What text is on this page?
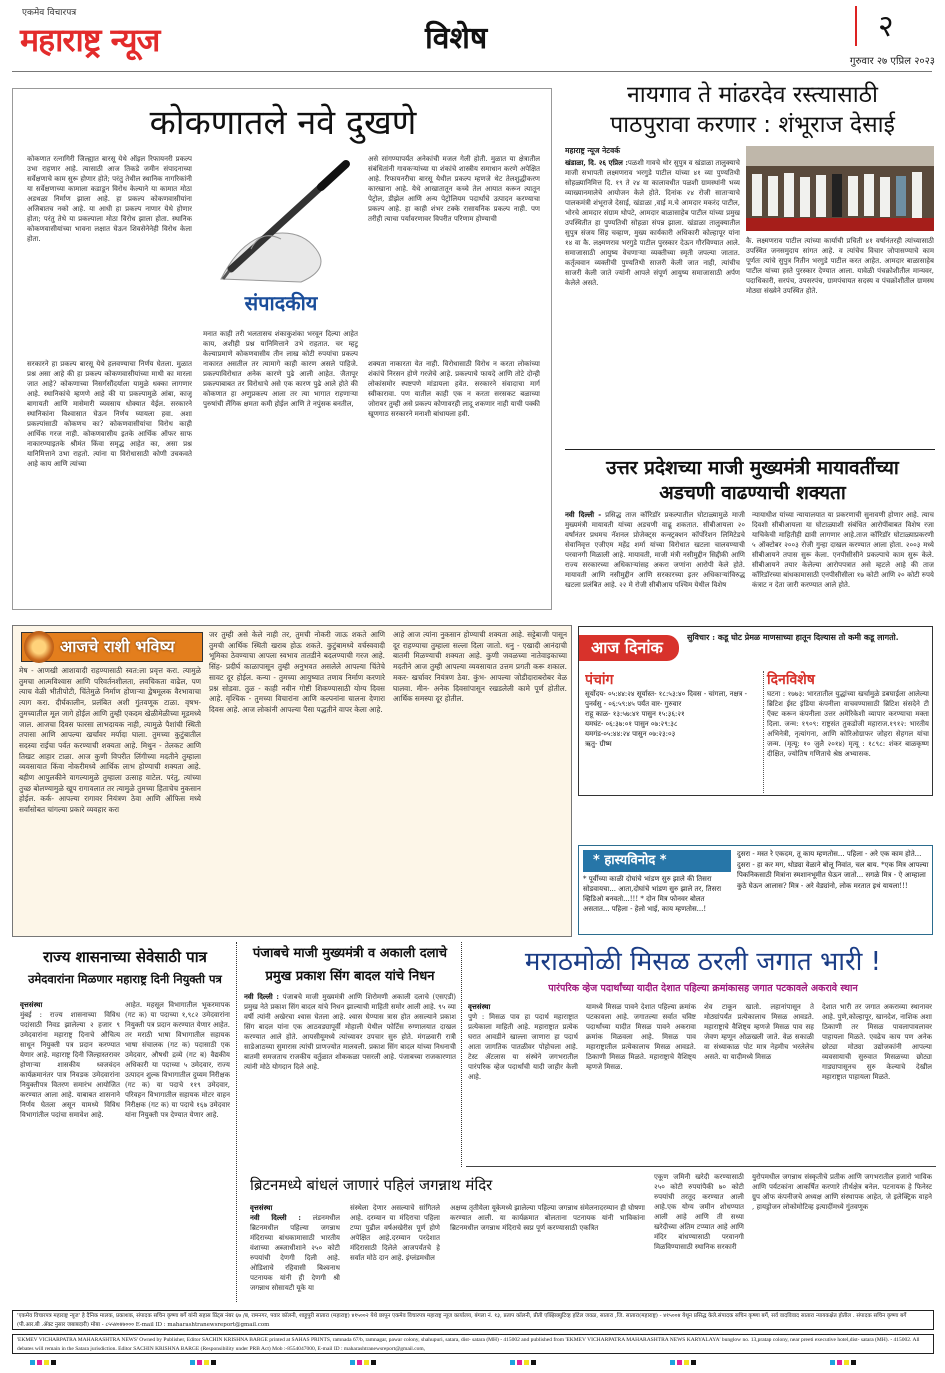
एकमेव विचारपत्र
महाराष्ट्र न्यूज	विशेष	२
गुरुवार २७ एप्रिल २०२३
कोकणातले नवे दुखणे
कोकणात रत्नागिरी जिल्ह्यात बारसू येथे ऑइल रिफायनरी प्रकल्प उभा राहणार आहे. त्यासाठी आज तिकडे जमीन संपादनाच्या सर्वेक्षणाचे काम सुरू होणार होते; परंतु तेथील स्थानिक नागरिकांनी या सर्वेक्षणाच्या कामाला कडाडून विरोध केल्याने या कामात मोठा अडथळा निर्माण झाला आहे. हा प्रकल्प कोकणवासीयांना अजिबातच नको आहे. या आधी हा प्रकल्प नाणार येथे होणार होता; परंतु तेथे या प्रकल्पाला मोठा विरोध झाला होता. स्थानिक कोकणवासीयांच्या भावना लक्षात घेऊन शिवसेनेनेही विरोध केला होता.
संपादकीय
असे सांगण्यापर्यंत अनेकांची मजल गेली होती. मुळात या क्षेत्रातील संबंधितांनी गावकऱ्यांच्या या शंकांचे शास्त्रीय समाधान करणे अपेक्षित आहे. रिफायनरीचा बारसू येथील प्रकल्प म्हणजे थेट तेलशुद्धीकरण कारखाना आहे. येथे आखातातून कच्चे तेल आयात करून त्यातून पेट्रोल, डीझेल आणि अन्य पेट्रोलियम पदार्थांचे उत्पादन करण्याचा प्रकल्प आहे. हा काही शंभर टक्के रासायनिक प्रकल्प नाही. पण तरीही त्याचा पर्यावरणावर विपरीत परिणाम होण्याची
सरकारने हा प्रकल्प बारसू येथे हलवण्याचा निर्णय घेतला. मुळात प्रश्न असा आहे की हा प्रकल्प कोकणवासीयांच्या माथी का मारला जात आहे? कोकणाच्या निसर्गसौंदर्याला यामुळे धक्का लागणार आहे. स्थानिकांचे म्हणणे आहे की या प्रकल्पामुळे आंबा, काजू बागायती आणि मासेमारी व्यवसाय धोक्यात येईल. सरकारने स्थानिकांना विश्वासात घेऊन निर्णय घ्यायला हवा. अशा प्रकल्पांसाठी कोकणच का? कोकणवासीयांचा विरोध काही आर्थिक गरज नाही. कोकणवासीय इतके आर्थिक ऑफर साफ नाकारण्याइतके श्रीमंत किंवा समृद्ध आहेत का, असा प्रश्न यानिमित्ताने उभा राहतो. त्यांना या विरोधासाठी कोणी उचकवते आहे काय आणि त्यांच्या
मनात काही तरी भलतासच शंकाकुशंका भरवून दिल्या आहेत काय, अशीही प्रश्न यानिमित्ताने उभे राहतात. चर म्हटू केल्याप्रमाणे कोकणवासीय तीन लाख कोटी रुपयांचा प्रकल्प नाकारत असतील तर त्यामागे काही कारण असले पाहिजे. प्रकल्पाविरोधात अनेक कारणे पुढे आली आहेत. जैतापूर प्रकल्पाबाबत तर विरोधाचे असे एक कारण पुढे आले होते की कोकणात हा अणुप्रकल्प आला तर त्या भागात राहणाऱ्या पुरुषांची लैंगिक क्षमता कमी होईल आणि ते नपुंसक बनतील,
शक्यता नाकारता येत नाही. विरोधासाठी विरोध न करता लोकांच्या शंकांचे निरसन होणे गरजेचे आहे. प्रकल्पाचे फायदे आणि तोटे दोन्ही लोकांसमोर स्पष्टपणे मांडायला हवेत. सरकारने संवादाचा मार्ग स्वीकारावा. पण यातील काही एक न करता सरसकट बळाच्या जोरावर तुम्ही असे प्रकल्प कोणावरही लादू शकणार नाही याची पक्की खूणगाठ सरकारने मनाशी बांधायला हवी.
नायगाव ते मांढरदेव रस्त्यासाठी
पाठपुरावा करणार : शंभूराज देसाई
महाराष्ट्र न्यूज नेटवर्क
खंडाळा, दि. २६ एप्रिल :पळशी गावचे थोर सुपुत्र व खंडाळा तालुक्याचे माजी सभापती लक्ष्मणराव भरगुडे पाटील यांच्या ४१ व्या पुण्यतिथी सोहळ्यानिमित्त दि. १९ ते २४ या कालावधीत पळशी ग्रामस्थांनी भव्य व्याख्यानमालेचे आयोजन केले होते. दिनांक २४ रोजी साताऱ्याचे पालकमंत्री शंभूराजे देसाई, खंडाळा ,वाई म.चे आमदार मकरंद पाटील, भोरचे आमदार संग्राम थोपटे, आमदार बाळासाहेब पाटील यांच्या प्रमुख उपस्थितीत हा पुण्यतिथी सोहळा संपन्न झाला. खंडाळा तालुक्यातील सुपुत्र संजय सिंह चव्हाण, मुख्य कार्यकारी अधिकारी कोल्हापूर यांना १४ वा कै. लक्ष्मणराव भरगुडे पाटील पुरस्कार देऊन गौरविण्यात आले. समाजासाठी आयुष्य वेचणाऱ्या व्यक्तीच्या स्मृती जपल्या जातात. कर्तृत्ववान व्यक्तीची पुण्यतिथी साजरी केली जात नाही, त्यांचीच साजरी केली जाते ज्यांनी आपले संपूर्ण आयुष्य समाजासाठी अर्पण केलेले असते.
कै. लक्ष्मणराव पाटील त्यांच्या कार्याची प्रचिती ४१ वर्षानंतरही त्यांच्यासाठी उपस्थित जनसमुदाय सांगत आहे. व त्यांचेच विचार जोपासण्याचे काम पूर्णतः त्यांचे सुपुत्र नितीन भरगुडे पाटील करत आहेत. आमदार बाळासाहेब पाटील यांच्या हस्ते पुरस्कार देण्यात आला. यावेळी पंचक्रोशीतील मान्यवर, पदाधिकारी, सरपंच, उपसरपंच, ग्रामपंचायत सदस्य व पंचक्रोशीतील ग्रामस्थ मोठ्या संख्येने उपस्थित होते.
उत्तर प्रदेशच्या माजी मुख्यमंत्री मायावतींच्या
अडचणी वाढण्याची शक्यता
नवी दिल्ली - प्रसिद्ध ताज कॉरिडॉर प्रकल्पातील घोटाळ्यामुळे माजी मुख्यमंत्री मायावती यांच्या अडचणी वाढू शकतात. सीबीआयला २० वर्षांनंतर प्रथमच नॅशनल प्रोजेक्ट्स कन्स्ट्रक्शन कॉर्पोरेशन लिमिटेडचे सेवानिवृत्त एजीएम महेंद्र शर्मा यांच्या विरोधात खटला चालवण्याची परवानगी मिळाली आहे. मायावती, माजी मंत्री नसीमुद्दीन सिद्दीकी आणि राज्य सरकारच्या अधिकाऱ्यांसह अकरा जणांना आरोपी केले होते. मायावती आणि नसीमुद्दीन आणि सरकारच्या इतर अधिकाऱ्यांविरुद्ध खटला प्रलंबित आहे. २२ मे रोजी सीबीआय पश्चिम येथील विशेष
न्यायाधीश यांच्या न्यायालयात या प्रकरणाची सुनावणी होणार आहे. त्याच दिवशी सीबीआयला या घोटाळ्याशी संबंधित आरोपींबाबत विशेष रजा याचिकेची माहितीही द्यावी लागणार आहे.ताज कॉरिडॉर घोटाळ्याप्रकरणी ५ ऑक्टोबर २००३ रोजी गुन्हा दाखल करण्यात आला होता. २००३ मध्ये सीबीआयने तपास सुरू केला. एनपीसीसीने प्रकल्पाचे काम सुरू केले. सीबीआयने तयार केलेल्या आरोपपत्रात असे म्हटले आहे की ताज कॉरिडॉरच्या बांधकामासाठी एनपीसीसीला १७ कोटी आणि २० कोटी रुपये कंत्राट न देता जारी करण्यात आले होते.
आजचे राशी भविष्य
मेष - आणखी आशावादी राहण्यासाठी स्वत:ला प्रवृत्त करा. त्यामुळे तुमचा आत्मविश्वास आणि परिवर्तनशीलता, लवचिकता वाढेल, पण त्याच वेळी भीतीपोटी, चिंतेमुळे निर्माण होणाऱ्या द्वेषमूलक वैरभावाचा त्याग करा. दीर्घकालीन, प्रलंबित अशी गुंतवणूक टाळा. वृषभ- तुमच्यातील मूल जागे होईल आणि तुम्ही एकदम खेळीमेळीच्या मूडमध्ये जाल. आजचा दिवस फारसा लाभदायक नाही, त्यामुळे पैशांची स्थिती तपासा आणि आपल्या खर्चांवर मर्यादा घाला. तुमच्या कुटुंबातील सदस्या राईचा पर्वत करण्याची शक्यता आहे. मिथुन - तेलकट आणि तिखट आहार टाळा. आज कुणी विपरीत लिंगीच्या मदतीने तुम्हाला व्यवसायात किंवा नोकरीमध्ये आर्थिक लाभ होण्याची शक्यता आहे. बहीण आपुलकीने वागल्यामुळे तुम्हाला उत्साह वाटेल. परंतु, त्यांच्या तुच्छ बोलण्यामुळे खूप रागावलात तर त्यामुळे तुमच्या हिताचेच नुकसान होईल. कर्क- आपल्या रागावर नियंत्रण ठेवा आणि ऑफिस मध्ये सर्वांसोबत चांगल्या प्रकारे व्यवहार करा
जर तुम्ही असे केले नाही तर, तुमची नोकरी जाऊ शकते आणि तुमची आर्थिक स्थिती खराब होऊ शकते. कुटुंबामध्ये वर्चस्ववादी भूमिका ठेवण्याचा आपला स्वभाव तातडीने बदलण्याची गरज आहे. सिंह- प्रदीर्घ काळापासून तुम्ही अनुभवत असलेले आपल्या चिंतेचे सावट दूर होईल. कन्या - तुमच्या आयुष्यात तणाव निर्माण करणारे प्रश्न सोडवा. तुळ - काही नवीन गोष्टी शिकण्यासाठी योग्य दिवस आहे. वृश्चिक - तुमच्या विचारांना आणि कल्पनांना चालना देणारा दिवस आहे. आज लोकांनी आपल्या पैसा पद्धतीने वापर केला आहे.
आहे आज त्यांना नुकसान होण्याची शक्यता आहे. सट्टेबाजी पासून दूर राहण्याचा तुम्हाला सल्ला दिला जातो. धनु - एखादी आनंदाची बातमी मिळण्याची शक्यता आहे. कुणी जवळच्या नातेवाइकाच्या मदतीने आज तुम्ही आपल्या व्यवसायात उत्तम प्रगती करू शकाल. मकर- खर्चावर नियंत्रण ठेवा. कुंभ- आपल्या जोडीदाराबरोबर वेळ घालवा. मीन- अनेक दिवसांपासून रखडलेली कामे पूर्ण होतील. आर्थिक समस्या दूर होतील.
आज दिनांक
सुविचार : कडू घोट प्रेमळ माणसाच्या हातून दिल्यास तो कमी कडू लागतो.
पंचांग
सूर्योदय- ०५:४४:२४ सूर्यास्त- १८:५३:४० दिवस - चांगला, नक्षत्र - पुनर्वसु - ०६:५९:४५ पर्यंत वार- गुरुवार
राहू काळ- १३:५७:४१ पासुन १५:३६:२१
यमघंट- ०६:३७:०१ पासुन ०७:२९:३८
यमगंड-०५:४४:२४ पासुन ०७:२३:०३
ऋतु- ग्रीष्म
दिनविशेष
घटना : १७७३: भारतातील युद्धांच्या खर्चामुळे डबघाईला आलेल्या ब्रिटिश ईस्ट इंडिया कंपनीला वाचवण्यासाठी ब्रिटिश संसदेने टी ऍक्ट करून कंपनीला उत्तर अमेरिकेशी व्यापार करण्याचा मक्ता दिला. जन्म: १९०९: राष्ट्रसंत तुकडोजी महाराज.१९१२: भारतीय अभिनेत्री, नृत्यांगना, आणि कोरिओग्राफर जोहरा सेहगल यांचा जन्म. (मृत्यू: १० जुलै २०१४) मृत्यू : १८९८: शंकर बाळकृष्ण दीक्षित, ज्योतिष गणिताचे श्रेष्ठ अभ्यासक.
* हास्यविनोद *
* पूर्वीच्या काळी दोघांचे भांडण सुरु झाले की तिसरा सोडवायचा... आता,दोघांचे भांडण सुरु झाले तर, तिसरा व्हिडिओ बनवतो...!!! * दोन मित्र फोनवर बोलत असतात... पहिला - हेलो भाई, काय म्हणतोस...!
दुसरा - मस्त रे एकदम, तू काय म्हणतोस... पहिला - अरे एक काम होते... दुसरा - हा कर मग, थोड्या वेळाने बोलू निवांत, चल बाय. *एक मित्र आपल्या पिकनिकसाठी मित्रांना स्मशानभूमीत घेऊन जातो... सगळे मित्र - ऐ आम्हाला कुठे घेऊन आलास? मित्र - अरे वेड्यांनो, लोक मरतात इथं यायला!!!
राज्य शासनाच्या सेवेसाठी पात्र
उमेदवारांना मिळणार महाराष्ट्र दिनी नियुक्ती पत्र
वृत्तसंस्था
मुंबई : राज्य शासनाच्या विविध पदांसाठी निवड झालेल्या २ हजार ९ उमेदवारांना महाराष्ट्र दिनाचे औचित्य साधून नियुक्ती पत्र प्रदान करण्यात येणार आहे. महाराष्ट्र दिनी जिल्हास्तरावर होणाऱ्या शासकीय ध्वजवंदन कार्यक्रमानंतर पात्र निवडक उमेदवारांना नियुक्तीपत्र वितरण समारंभ आयोजित करण्यात आला आहे. याबाबत शासनाने निर्णय घेतला असून यामध्ये विविध विभागांतील पदांचा समावेश आहे.
आहेत. महसूल विभागातील भूकरमापक (गट क) या पदाच्या १,९८२ उमेदवारांना नियुक्ती पत्र प्रदान करण्यात येणार आहेत. तर मराठी भाषा विभागातील सहायक भाषा संचालक (गट क) पदासाठी एक उमेदवार, औषधी द्रव्ये (गट ब) वैद्यकीय अधिकारी या पदाच्या ५ उमेदवार, राज्य उत्पादन शुल्क विभागातील दुय्यम निरीक्षक (गट क) या पदाचे ११९ उमेदवार, परिवहन विभागातील सहायक मोटर वाहन निरीक्षक (गट क) या पदाचे १६७ उमेदवार यांना नियुक्ती पत्र देण्यात येणार आहे.
पंजाबचे माजी मुख्यमंत्री व अकाली दलाचे
प्रमुख प्रकाश सिंग बादल यांचे निधन
नवी दिल्ली : पंजाबचे माजी मुख्यमंत्री आणि शिरोमणी अकाली दलाचे (एसएडी) प्रमुख नेते प्रकाश सिंग बादल यांचे निधन झाल्याची माहिती समोर आली आहे. ९५ व्या वर्षी त्यांनी अखेरचा श्वास घेतला आहे. श्वास घेण्यास त्रास होत असल्याने प्रकाश सिंग बादल यांना एक आठवड्यापूर्वी मोहाली येथील फोर्टिस रुग्णालयात दाखल करण्यात आले होते. आयसीयूमध्ये त्यांच्यावर उपचार सुरु होते. मंगळवारी रात्री साडेआठच्या सुमारास त्यांची प्राणज्योत मालवली. प्रकाश सिंग बादल यांच्या निधनाची बातमी समजताच राजकीय वर्तुळात शोककळा पसरली आहे. पंजाबच्या राजकारणात त्यांनी मोठे योगदान दिले आहे.
मराठमोळी मिसळ ठरली जगात भारी !
पारंपरिक व्हेज पदार्थांच्या यादीत देशात पहिल्या क्रमांकासह जगात पटकावले अकरावे स्थान
वृत्तसंस्था
पुणे : मिसळ पाव हा पदार्थ महाराष्ट्रात प्रत्येकाला माहिती आहे. महाराष्ट्रात प्रत्येक घरात आवडीने खाल्ला जाणारा हा पदार्थ आता जागतिक पातळीवर पोहोचला आहे. टेस्ट ॲटलास या संस्थेने जगभरातील पारंपरिक व्हेज पदार्थांची यादी जाहीर केली आहे.
यामध्ये मिसळ पावने देशात पहिल्या क्रमांक पटकावला आहे. जगातल्या सर्वात चविष्ट पदार्थांच्या यादीत मिसळ पावने अकरावा क्रमांक मिळवला आहे. मिसळ पाव महाराष्ट्रातील प्रत्येकालाच मिसळ आवडते. ठिकाणी मिसळ मिळते. महाराष्ट्राचे वैशिष्ट्य म्हणजे मिसळ.
शेव टाकून खातो. लहानांपासून ते मोठ्यांपर्यंत प्रत्येकालाच मिसळ आवडते. महाराष्ट्राचे वैशिष्ट्य म्हणजे मिसळ पाव सह जेवण म्हणून ओळखली जाते. वेळ सकाळी वा संध्याकाळ पोट मात्र नेहमीच भरलेलेच असते. या यादीमध्ये मिसळ
देशात भारी तर जगात अकराव्या स्थानावर आहे. पुणे,कोल्हापूर, खानदेश, नाशिक अशा ठिकाणी तर मिसळ पावलापावलावर पाहायला मिळते. एवढेच काय पण अनेक छोट्या मोठ्या उद्योजकांनी आपल्या व्यवसायाची सुरुवात मिसळच्या छोट्या गाड्यापासूनच सुरु केल्याचे देखील महाराष्ट्रात पाहायला मिळते.
ब्रिटनमध्ये बांधलं जाणारं पहिलं जगन्नाथ मंदिर
वृत्तसंस्था
नवी दिल्ली : लंडनमधील ब्रिटनमधील पहिल्या जगन्नाथ मंदिराच्या बांधकामासाठी भारतीय वंशाच्या अब्जाधीशाने २५० कोटी रुपयांची देणगी दिली आहे. ओडिशाचे रहिवासी बिश्वनाथ पटनायक यांनी ही देणगी श्री जगन्नाथ सोसायटी यूके या
संस्थेला देणार असल्याचे सांगितले आहे. दरम्यान या मंदिराचा पहिला टप्पा पुढील वर्षअखेरीस पूर्ण होणे अपेक्षित आहे.दरम्यान परदेशात मंदिरासाठी दिलेले आजपर्यंतचे हे सर्वात मोठे दान आहे. इंग्लंडमधील
अक्षय्य तृतीयेला यूकेमध्ये झालेल्या पहिल्या जगन्नाथ संमेलनादरम्यान ही घोषणा करण्यात आली. या कार्यक्रमात बोलताना पटनायक यांनी भाविकांना ब्रिटनमधील जगन्नाथ मंदिराचे स्वप्न पूर्ण करण्यासाठी एकत्रित
एकूण जमिनी खरेदी करण्यासाठी २५० कोटी रुपयांपैकी ७० कोटी रुपयांची तरतूद करण्यात आली आहे.एक योग्य जमीन शोधण्यात आली आहे आणि ती सध्या खरेदीच्या अंतिम टप्प्यात आहे आणि मंदिर बांधण्यासाठी परवानगी मिळविण्यासाठी स्थानिक सरकारी
युरोपमधील जगन्नाथ संस्कृतीचे प्रतीक आणि जगभरातील हजारो भाविक आणि पर्यटकांना आकर्षित करणारे तीर्थक्षेत्र बनेल. पटनायक हे फिनेस्ट ग्रुप ऑफ कंपनीजचे अध्यक्ष आणि संस्थापक आहेत, जे इलेक्ट्रिक वाहने , हायड्रोजन लोकोमोटिव्ह इत्यादींमध्ये गुंतवणूक
'एकमेव विचारपत्र महाराष्ट्र न्यूज' हे दैनिक मालक, प्रकाशक, संपादक सचिन कृष्णा बर्गे यांनी सहास प्रिंट्स नंबर ६७ /ब, रामनगर, पवार कॉलनी, शाहूपुरी सातारा (महाराष्ट्र) ४१५००२ येथे छापून एकमेव विचारपत्र महाराष्ट्र न्यूज कार्यालय, बंगला नं. १३, प्रताप कॉलनी, प्रीती एक्झिक्युटिव्ह हॉटेल जवळ, सातारा ,जि. सातारा(महाराष्ट्र) - ४१५००४ येथून प्रसिद्ध केले.संपादक सचिन कृष्णा बर्गे, सर्व वादविवाद सातारा न्यायकक्षेत होतील . संपादक सचिन कृष्णा बर्गे (पी.आर.बी .ॲक्ट नुसार जबाबदारी) मोबा - ८५५४०४७००० E-mail ID : maharashtranewsreport@gmail.com
'EKMEV VICHARPATRA MAHARASHTRA NEWS' Owned by Publisher, Editor SACHIN KRISHNA BARGE printed at SAHAS PRINTS, ramnada 67/b, ramnagar, pawar colony, shahupuri, satara, dist- satara (MH) - 415002 and published from 'EKMEV VICHARPATRA MAHARASHTRA NEWS KARYALAYA' bunglow no. 13,pratap colony, near preeti executive hotel,dist- satara (MH). - 415002. All debates will remain in the Satara jurisdiction. Editor SACHIN KRISHNA BARGE (Responsibility under PRB Act) Mob :-8554047000, E-mail ID : maharashtranewsreport@gmail.com,
